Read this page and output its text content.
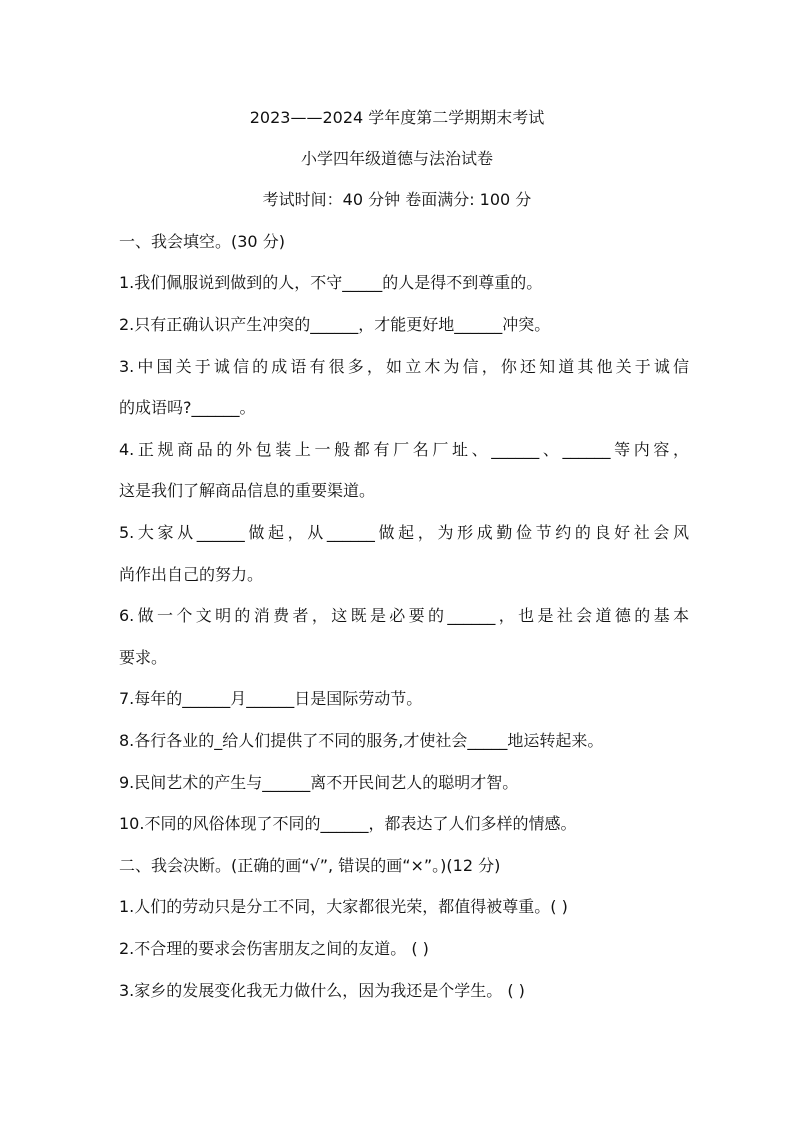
2023——2024 学年度第二学期期末考试
小学四年级道德与法治试卷
考试时间：40 分钟 卷面满分: 100 分
一、我会填空。(30 分)
1.我们佩服说到做到的人，不守_____的人是得不到尊重的。
2.只有正确认识产生冲突的______，才能更好地______冲突。
3.中国关于诚信的成语有很多，如立木为信，你还知道其他关于诚信
的成语吗?______。
4.正规商品的外包装上一般都有厂名厂址、______、______等内容，
这是我们了解商品信息的重要渠道。
5.大家从______做起，从______做起，为形成勤俭节约的良好社会风
尚作出自己的努力。
6.做一个文明的消费者，这既是必要的______，也是社会道德的基本
要求。
7.每年的______月______日是国际劳动节。
8.各行各业的_给人们提供了不同的服务,才使社会_____地运转起来。
9.民间艺术的产生与______离不开民间艺人的聪明才智。
10.不同的风俗体现了不同的______，都表达了人们多样的情感。
二、我会决断。(正确的画“√”, 错误的画“×”。)(12 分)
1.人们的劳动只是分工不同，大家都很光荣，都值得被尊重。( )
2.不合理的要求会伤害朋友之间的友道。 ( )
3.家乡的发展变化我无力做什么，因为我还是个学生。 ( )
